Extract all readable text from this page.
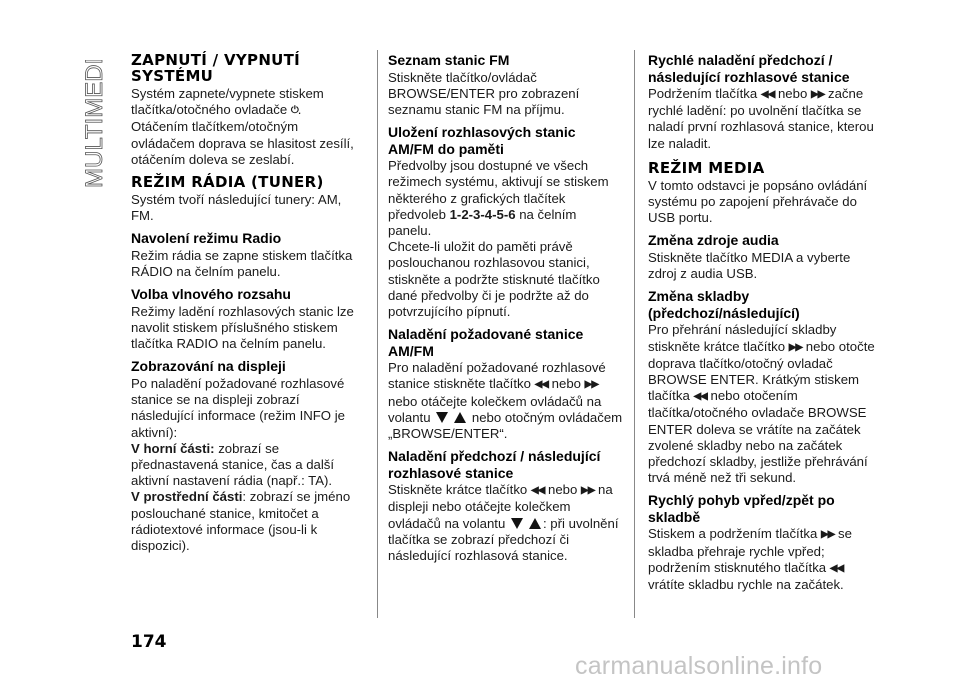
MULTIMEDIA ZAPNUTÍ / VYPNUTÍ SYSTÉMU

Systém zapnete/vypnete stiskem tlačítka/otočného ovladače ⏻.

Otáčením tlačítkem/otočným ovládačem doprava se hlasitost zesílí, otáčením doleva se zeslabí.

REŽIM RÁDIA (TUNER)

Systém tvoří následující tunery: AM, FM.

Navolení režimu Radio

Režim rádia se zapne stiskem tlačítka RÁDIO na čelním panelu.

Volba vlnového rozsahu

Režimy ladění rozhlasových stanic lze navolit stiskem příslušného stiskem tlačítka RADIO na čelním panelu.

Zobrazování na displeji

Po naladění požadované rozhlasové stanice se na displeji zobrazí následující informace (režim INFO je aktivní):

V horní části: zobrazí se přednastavená stanice, čas a další aktivní nastavení rádia (např.: TA).

V prostřední části: zobrazí se jméno poslouchané stanice, kmitočet a rádiotextové informace (jsou-li k dispozici).

Seznam stanic FM

Stiskněte tlačítko/ovládač BROWSE/ENTER pro zobrazení seznamu stanic FM na příjmu.

Uložení rozhlasových stanic AM/FM do paměti

Předvolby jsou dostupné ve všech režimech systému, aktivují se stiskem některého z grafických tlačítek předvoleb 1-2-3-4-5-6 na čelním panelu.

Chcete-li uložit do paměti právě poslouchanou rozhlasovou stanici, stiskněte a podržte stisknuté tlačítko dané předvolby či je podržte až do potvrzujícího pípnutí.

Naladění požadované stanice AM/FM

Pro naladění požadované rozhlasové stanice stiskněte tlačítko ◀◀ nebo ▶▶ nebo otáčejte kolečkem ovládačů na volantu	nebo otočným ovládačem „BROWSE/ENTER“.

Naladění předchozí / následující rozhlasové stanice

Stiskněte krátce tlačítko ◀◀ nebo ▶▶ na displeji nebo otáčejte kolečkem ovládačů na volantu	: při uvolnění tlačítka se zobrazí předchozí či následující rozhlasová stanice.

Rychlé naladění předchozí / následující rozhlasové stanice

Podržením tlačítka ◀◀ nebo ▶▶ začne rychlé ladění: po uvolnění tlačítka se naladí první rozhlasová stanice, kterou lze naladit.

REŽIM MEDIA

V tomto odstavci je popsáno ovládání systému po zapojení přehrávače do USB portu.

Změna zdroje audia

Stiskněte tlačítko MEDIA a vyberte zdroj z audia USB.

Změna skladby (předchozí/následující)

Pro přehrání následující skladby stiskněte krátce tlačítko ▶▶ nebo otočte doprava tlačítko/otočný ovladač BROWSE ENTER. Krátkým stiskem tlačítka ◀◀ nebo otočením tlačítka/otočného ovladače BROWSE ENTER doleva se vrátíte na začátek zvolené skladby nebo na začátek předchozí skladby, jestliže přehrávání trvá méně než tři sekund.

Rychlý pohyb vpřed/zpět po skladbě

Stiskem a podržením tlačítka ▶▶ se skladba přehraje rychle vpřed; podržením stisknutého tlačítka ◀◀ vrátíte skladbu rychle na začátek.

174
carmanualsonline.info
